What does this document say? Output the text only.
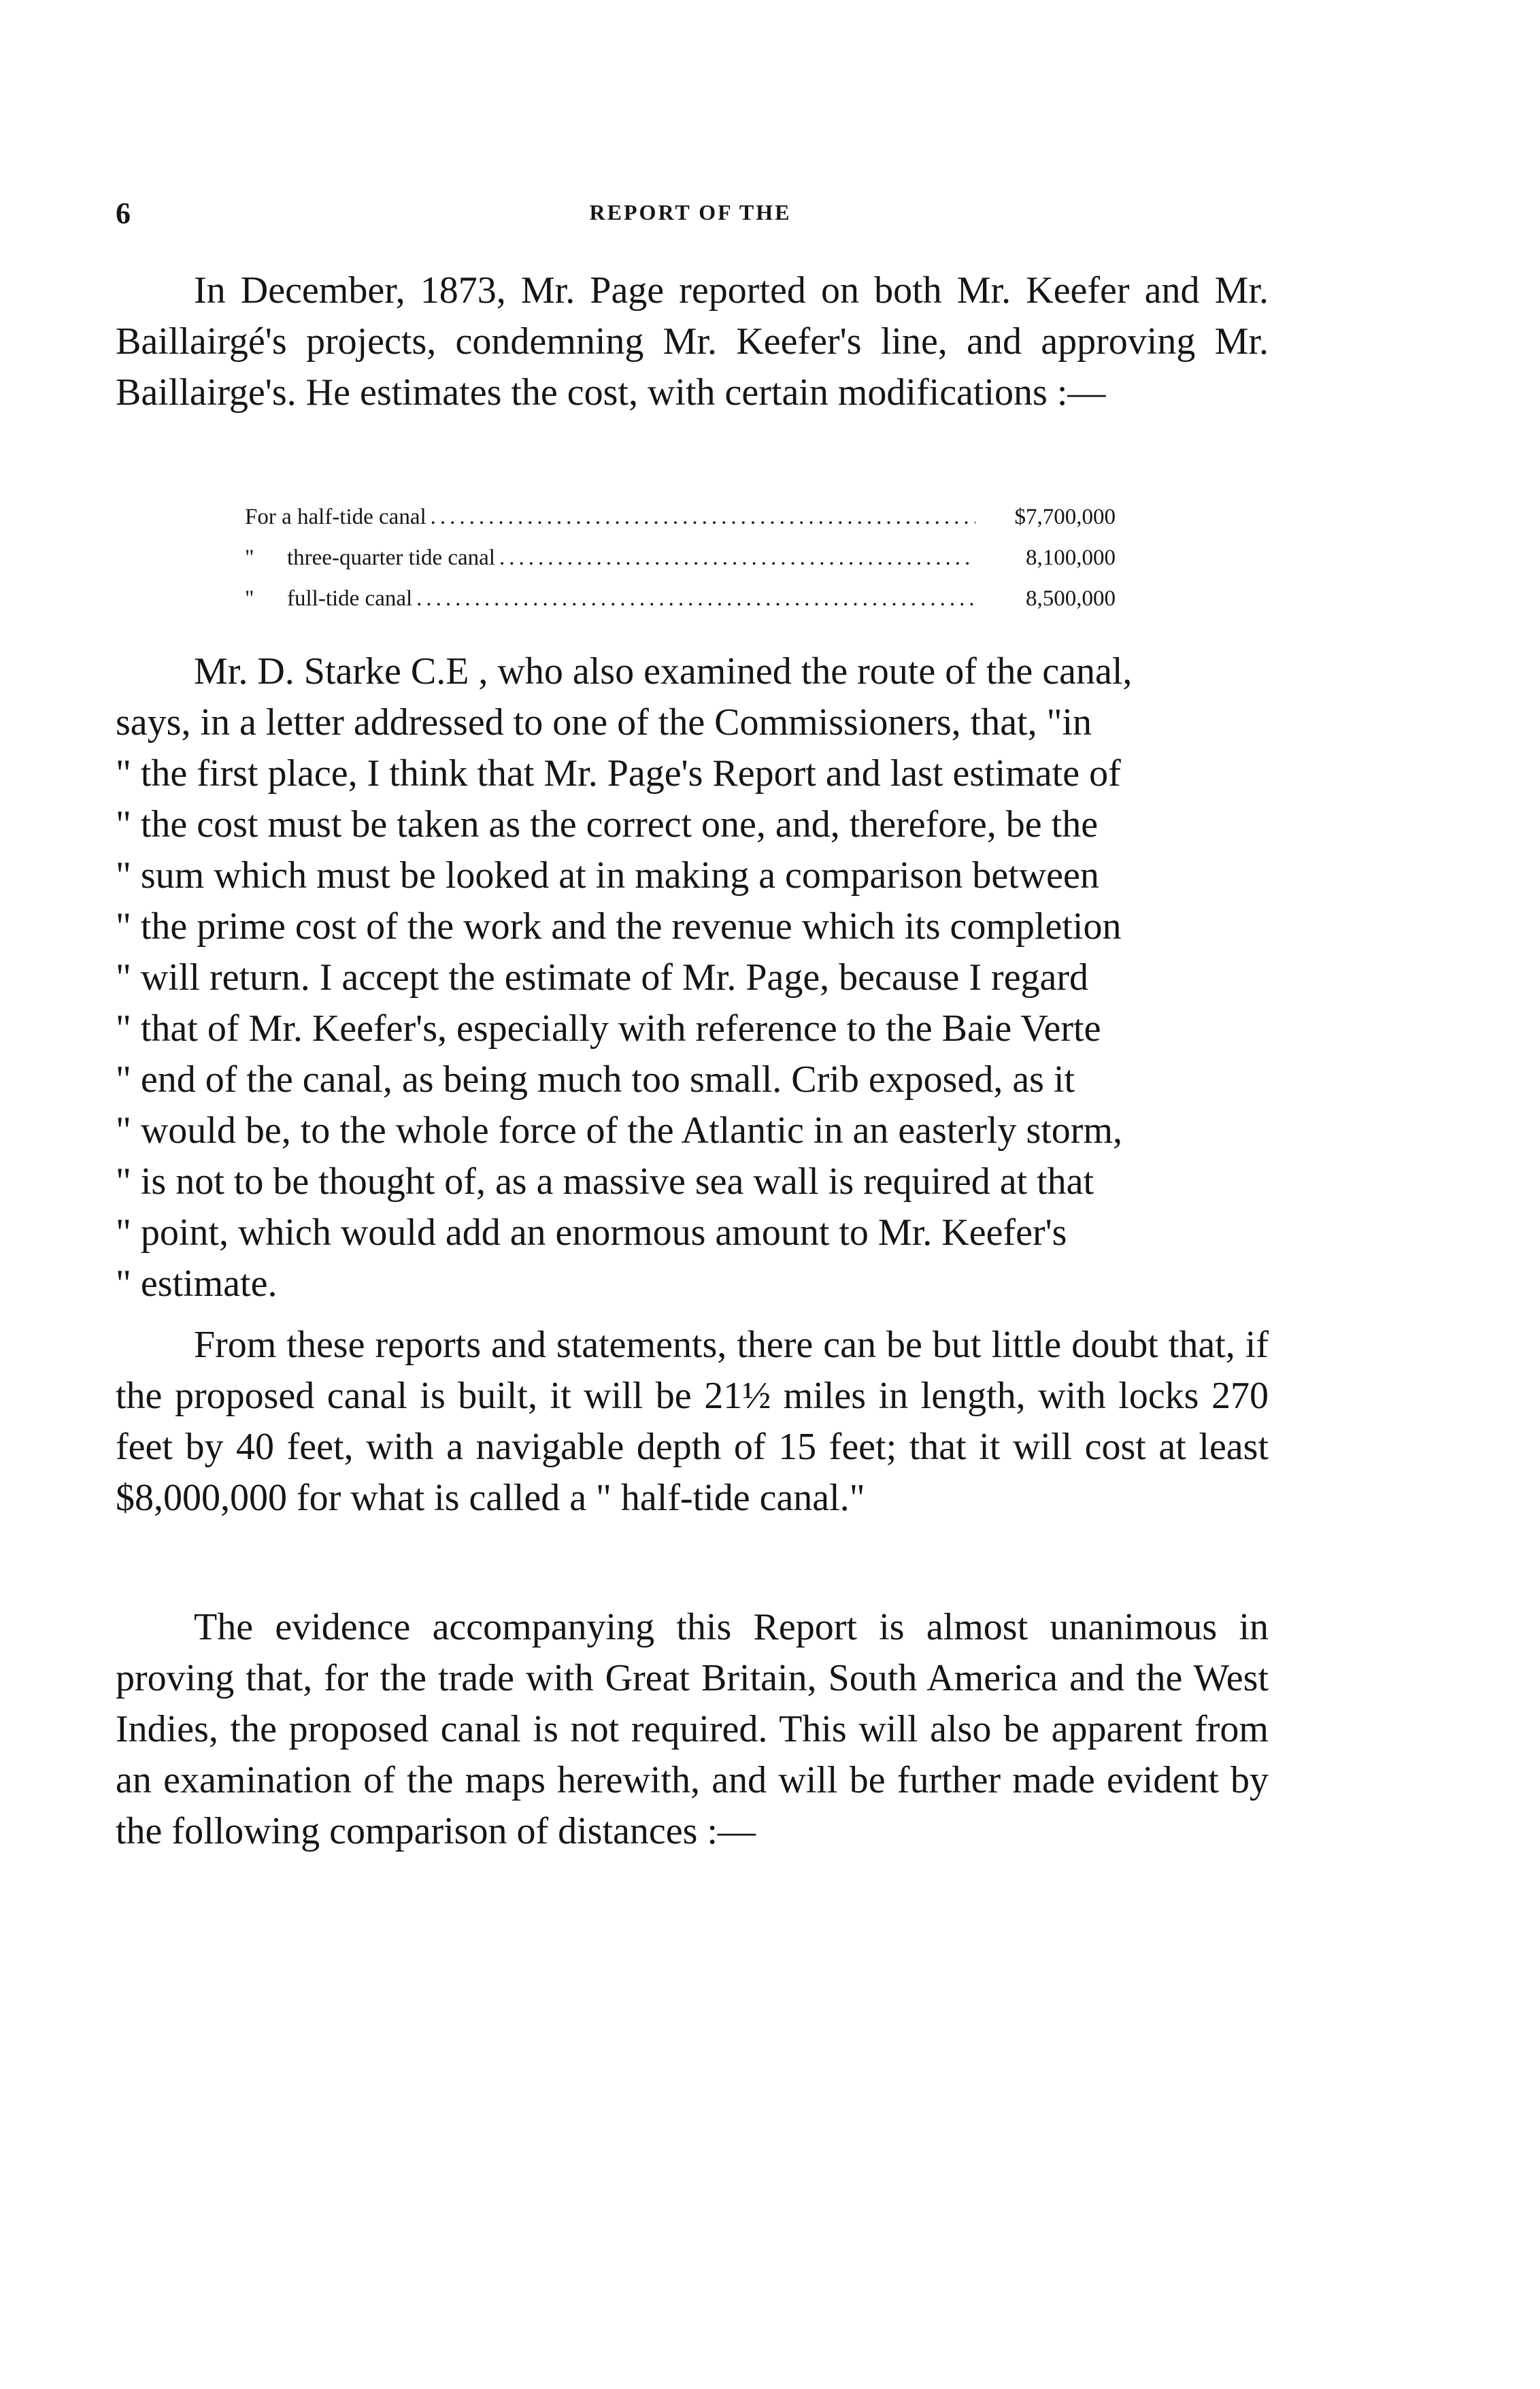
6	REPORT OF THE

In December, 1873, Mr. Page reported on both Mr. Keefer and Mr. Baillairgé's projects, condemning Mr. Keefer's line, and approving Mr. Baillairge's. He estimates the cost, with certain modifications :—

For a half-tide canal .....	$7,700,000
" three-quarter tide canal .....	8,100,000
" full-tide canal .....	8,500,000
Mr. D. Starke C.E , who also examined the route of the canal,
says, in a letter addressed to one of the Commissioners, that, "in
" the first place, I think that Mr. Page's Report and last estimate of
" the cost must be taken as the correct one, and, therefore, be the
" sum which must be looked at in making a comparison between
" the prime cost of the work and the revenue which its completion
" will return. I accept the estimate of Mr. Page, because I regard
" that of Mr. Keefer's, especially with reference to the Baie Verte
" end of the canal, as being much too small. Crib exposed, as it
" would be, to the whole force of the Atlantic in an easterly storm,
" is not to be thought of, as a massive sea wall is required at that
" point, which would add an enormous amount to Mr. Keefer's
" estimate.

From these reports and statements, there can be but little doubt that, if the proposed canal is built, it will be 21½ miles in length, with locks 270 feet by 40 feet, with a navigable depth of 15 feet; that it will cost at least $8,000,000 for what is called a " half-tide canal."

The evidence accompanying this Report is almost unanimous in proving that, for the trade with Great Britain, South America and the West Indies, the proposed canal is not required. This will also be apparent from an examination of the maps herewith, and will be further made evident by the following comparison of distances :—
